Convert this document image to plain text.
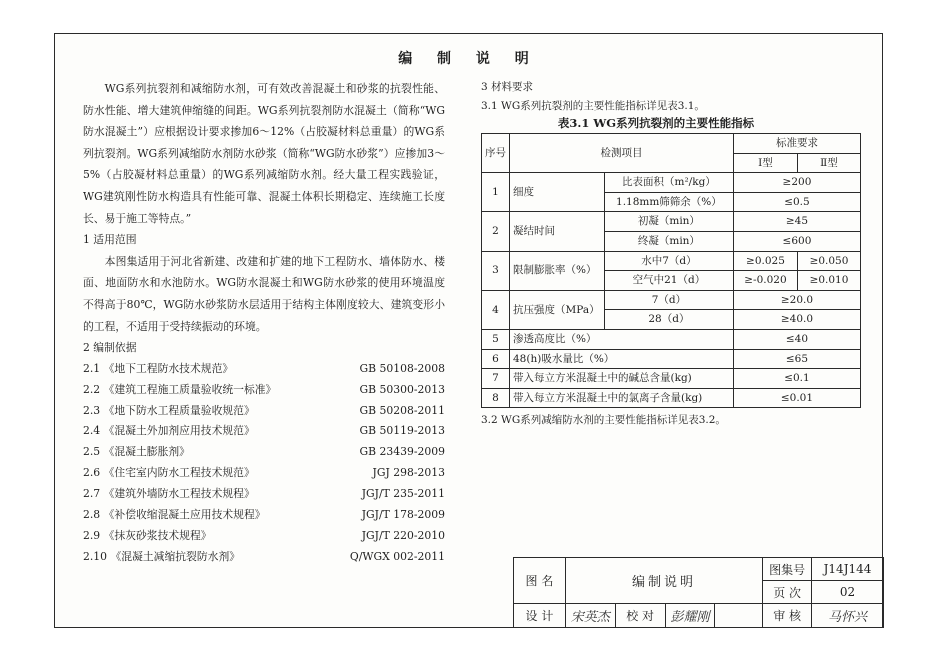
编 制 说 明

WG系列抗裂剂和减缩防水剂，可有效改善混凝土和砂浆的抗裂性能、防水性能、增大建筑伸缩缝的间距。WG系列抗裂剂防水混凝土（简称“WG防水混凝土”）应根据设计要求掺加6～12%（占胶凝材料总重量）的WG系列抗裂剂。WG系列减缩防水剂防水砂浆（简称“WG防水砂浆”）应掺加3～5%（占胶凝材料总重量）的WG系列减缩防水剂。经大量工程实践验证，WG建筑刚性防水构造具有性能可靠、混凝土体积长期稳定、连续施工长度长、易于施工等特点。”

1 适用范围

本图集适用于河北省新建、改建和扩建的地下工程防水、墙体防水、楼面、地面防水和水池防水。WG防水混凝土和WG防水砂浆的使用环境温度不得高于80℃，WG防水砂浆防水层适用于结构主体刚度较大、建筑变形小的工程，不适用于受持续振动的环境。

2 编制依据

2.1 《地下工程防水技术规范》	GB 50108-2008
2.2 《建筑工程施工质量验收统一标准》	GB 50300-2013
2.3 《地下防水工程质量验收规范》	GB 50208-2011
2.4 《混凝土外加剂应用技术规范》	GB 50119-2013
2.5 《混凝土膨胀剂》	GB 23439-2009
2.6 《住宅室内防水工程技术规范》	JGJ 298-2013
2.7 《建筑外墙防水工程技术规程》	JGJ/T 235-2011
2.8 《补偿收缩混凝土应用技术规程》	JGJ/T 178-2009
2.9 《抹灰砂浆技术规程》	JGJ/T 220-2010
2.10 《混凝土减缩抗裂防水剂》	Q/WGX 002-2011
3 材料要求
3.1 WG系列抗裂剂的主要性能指标详见表3.1。
表3.1 WG系列抗裂剂的主要性能指标
序号	检测项目		标准要求	
			Ⅰ型	Ⅱ型
1	细度	比表面积（m²/kg）	≥200	
		1.18mm筛筛余（%）	≤0.5	
2	凝结时间	初凝（min）	≥45	
		终凝（min）	≤600	
3	限制膨胀率（%）	水中7（d）	≥0.025	≥0.050
		空气中21（d）	≥-0.020	≥0.010
4	抗压强度（MPa）	7（d）	≥20.0	
		28（d）	≥40.0	
5	渗透高度比（%）		≤40	
6	48(h)吸水量比（%）		≤65	
7	带入每立方米混凝土中的碱总含量(kg)		≤0.1	
8	带入每立方米混凝土中的氯离子含量(kg)		≤0.01	
3.2 WG系列减缩防水剂的主要性能指标详见表3.2。
图 名	编制说明				图集号	J14J144
					页 次	02
设 计	宋英杰	校 对	彭耀刚		审 核	马怀兴
